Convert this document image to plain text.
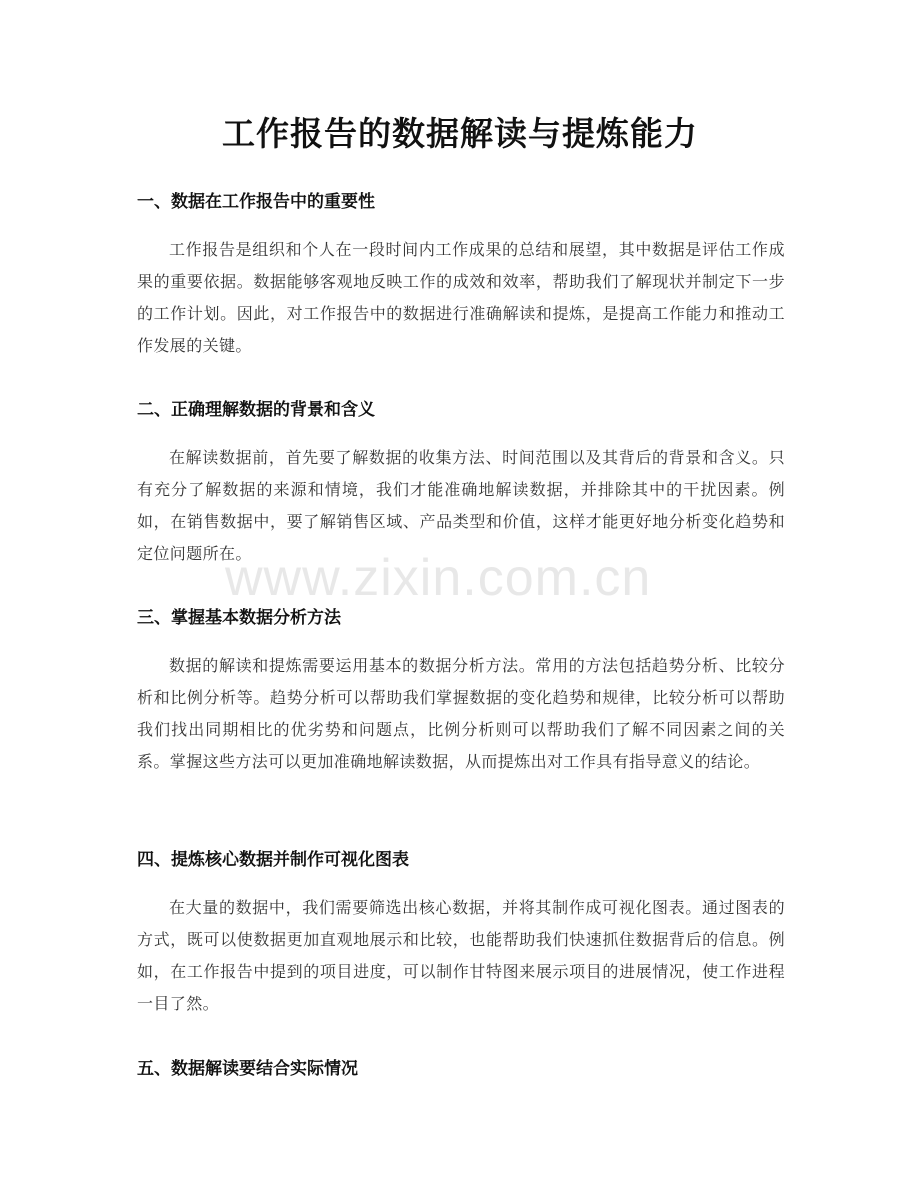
工作报告的数据解读与提炼能力
一、数据在工作报告中的重要性

工作报告是组织和个人在一段时间内工作成果的总结和展望，其中数据是评估工作成果的重要依据。数据能够客观地反映工作的成效和效率，帮助我们了解现状并制定下一步的工作计划。因此，对工作报告中的数据进行准确解读和提炼，是提高工作能力和推动工作发展的关键。

二、正确理解数据的背景和含义

在解读数据前，首先要了解数据的收集方法、时间范围以及其背后的背景和含义。只有充分了解数据的来源和情境，我们才能准确地解读数据，并排除其中的干扰因素。例如，在销售数据中，要了解销售区域、产品类型和价值，这样才能更好地分析变化趋势和定位问题所在。

三、掌握基本数据分析方法

数据的解读和提炼需要运用基本的数据分析方法。常用的方法包括趋势分析、比较分析和比例分析等。趋势分析可以帮助我们掌握数据的变化趋势和规律，比较分析可以帮助我们找出同期相比的优劣势和问题点，比例分析则可以帮助我们了解不同因素之间的关系。掌握这些方法可以更加准确地解读数据，从而提炼出对工作具有指导意义的结论。

四、提炼核心数据并制作可视化图表

在大量的数据中，我们需要筛选出核心数据，并将其制作成可视化图表。通过图表的方式，既可以使数据更加直观地展示和比较，也能帮助我们快速抓住数据背后的信息。例如，在工作报告中提到的项目进度，可以制作甘特图来展示项目的进展情况，使工作进程一目了然。

五、数据解读要结合实际情况
www.zixin.com.cn
